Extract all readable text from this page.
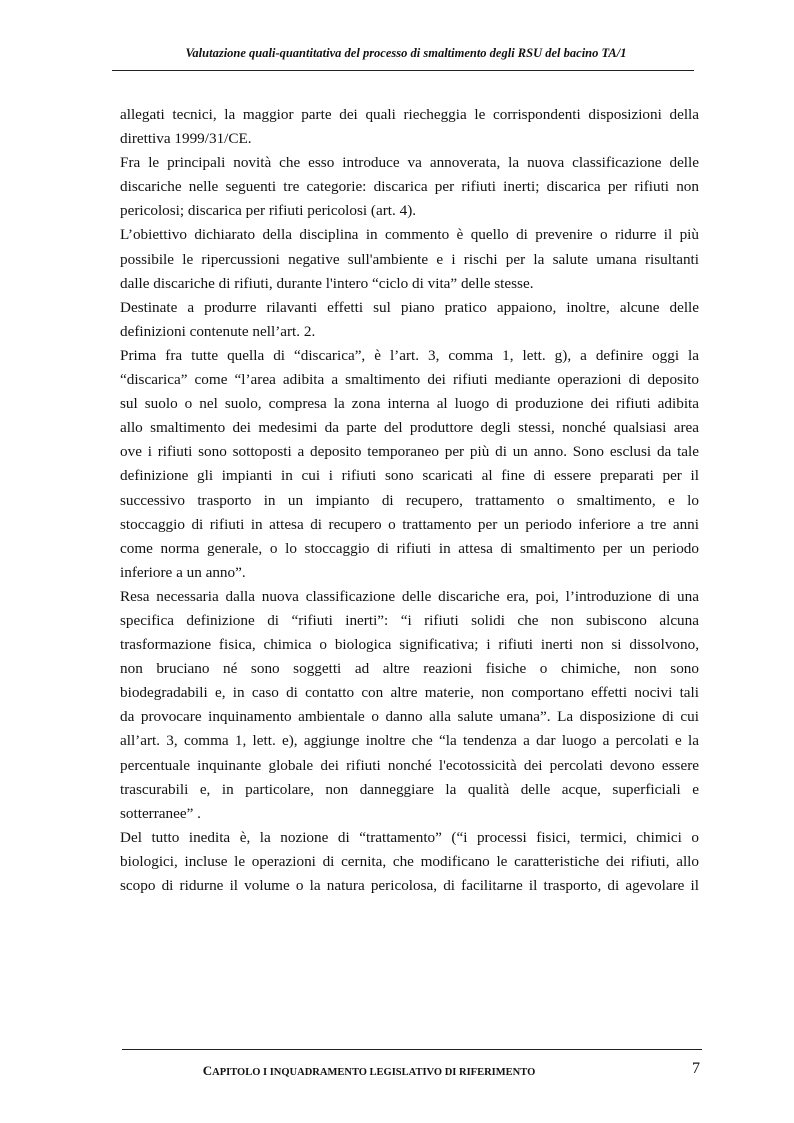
Valutazione quali-quantitativa del processo di smaltimento degli RSU del bacino TA/1
allegati tecnici, la maggior parte dei quali riecheggia le corrispondenti disposizioni della
direttiva 1999/31/CE.
Fra le principali novità che esso introduce va annoverata, la nuova classificazione delle
discariche nelle seguenti tre categorie: discarica per rifiuti inerti; discarica per rifiuti non
pericolosi; discarica per rifiuti pericolosi (art. 4).
L’obiettivo dichiarato della disciplina in commento è quello di prevenire o ridurre il più
possibile le ripercussioni negative sull'ambiente e i rischi per la salute umana risultanti
dalle discariche di rifiuti, durante l'intero “ciclo di vita” delle stesse.
Destinate a produrre rilavanti effetti sul piano pratico appaiono, inoltre, alcune delle
definizioni contenute nell’art. 2.
Prima fra tutte quella di “discarica”, è l’art. 3, comma 1, lett. g), a definire oggi la
“discarica” come “l’area adibita a smaltimento dei rifiuti mediante operazioni di deposito
sul suolo o nel suolo, compresa la zona interna al luogo di produzione dei rifiuti adibita
allo smaltimento dei medesimi da parte del produttore degli stessi, nonché qualsiasi area
ove i rifiuti sono sottoposti a deposito temporaneo per più di un anno. Sono esclusi da tale
definizione gli impianti in cui i rifiuti sono scaricati al fine di essere preparati per il
successivo trasporto in un impianto di recupero, trattamento o smaltimento, e lo
stoccaggio di rifiuti in attesa di recupero o trattamento per un periodo inferiore a tre anni
come norma generale, o lo stoccaggio di rifiuti in attesa di smaltimento per un periodo
inferiore a un anno”.
Resa necessaria dalla nuova classificazione delle discariche era, poi, l’introduzione di una
specifica definizione di “rifiuti inerti”: “i rifiuti solidi che non subiscono alcuna
trasformazione fisica, chimica o biologica significativa; i rifiuti inerti non si dissolvono,
non bruciano né sono soggetti ad altre reazioni fisiche o chimiche, non sono
biodegradabili e, in caso di contatto con altre materie, non comportano effetti nocivi tali
da provocare inquinamento ambientale o danno alla salute umana”. La disposizione di cui
all’art. 3, comma 1, lett. e), aggiunge inoltre che “la tendenza a dar luogo a percolati e la
percentuale inquinante globale dei rifiuti nonché l'ecotossicità dei percolati devono essere
trascurabili e, in particolare, non danneggiare la qualità delle acque, superficiali e
sotterranee” .
Del tutto inedita è, la nozione di “trattamento” (“i processi fisici, termici, chimici o
biologici, incluse le operazioni di cernita, che modificano le caratteristiche dei rifiuti, allo
scopo di ridurne il volume o la natura pericolosa, di facilitarne il trasporto, di agevolare il
CAPITOLO I INQUADRAMENTO LEGISLATIVO DI RIFERIMENTO	7
